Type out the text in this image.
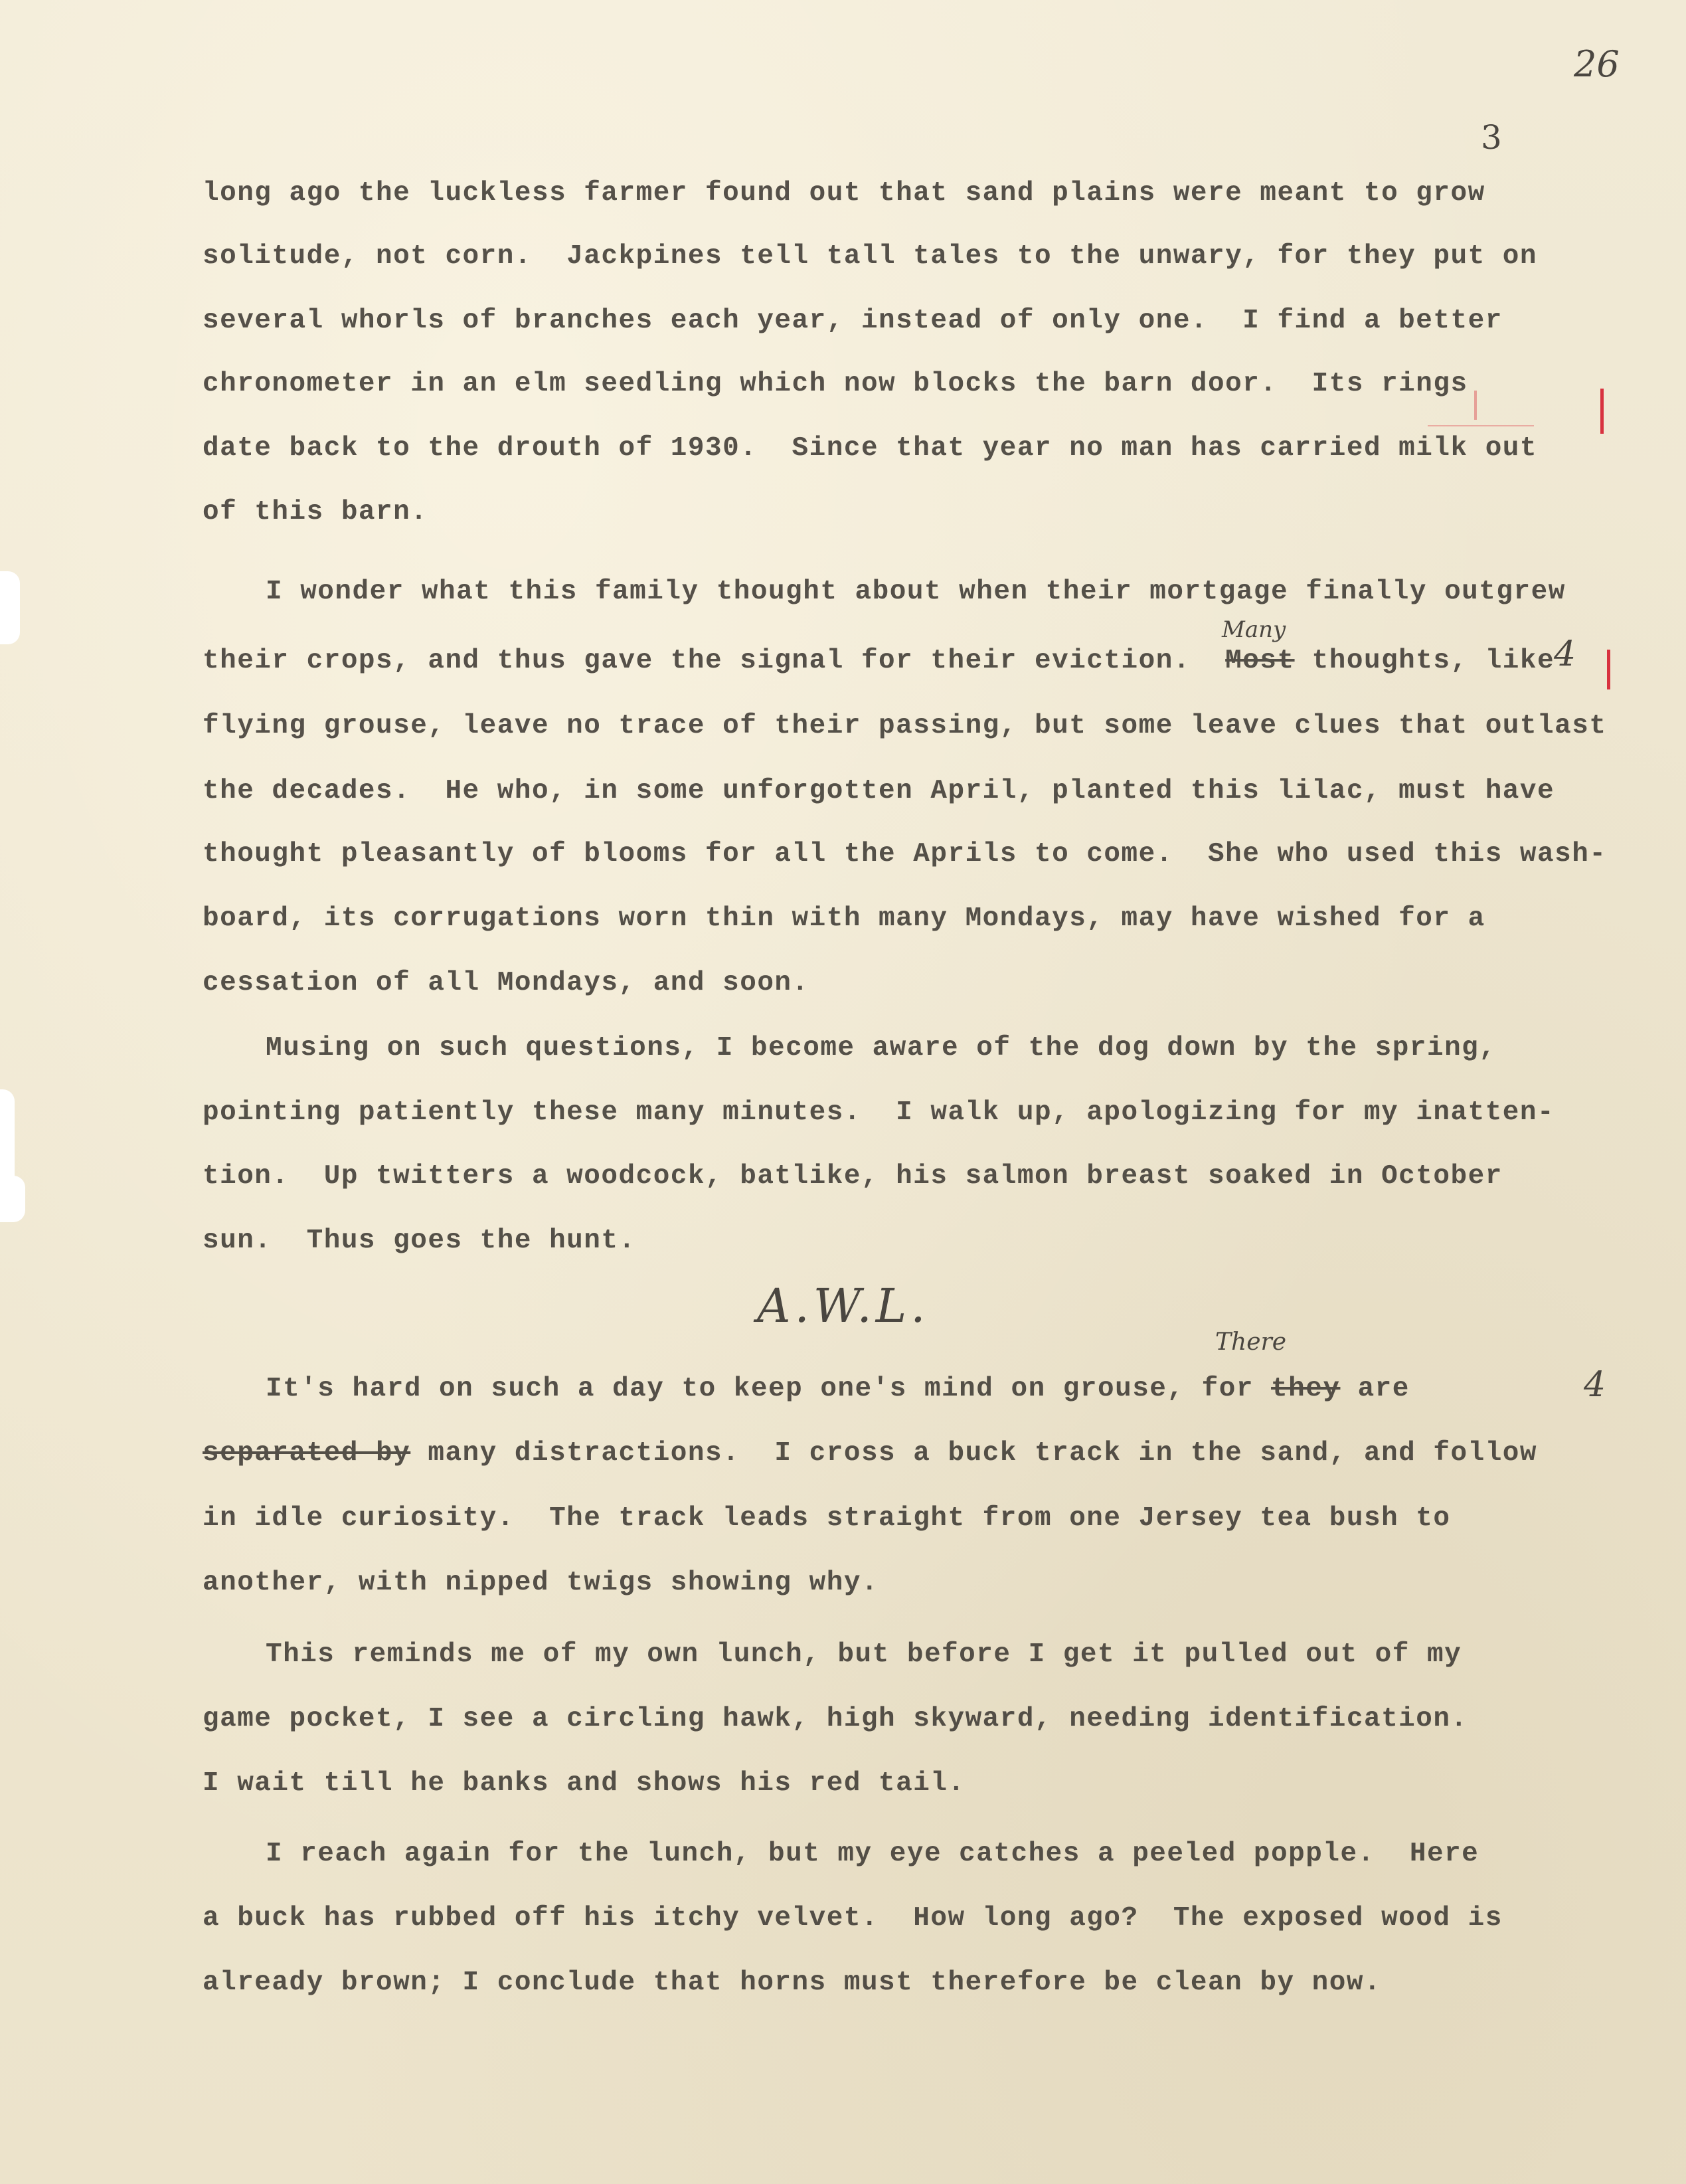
26
3
long ago the luckless farmer found out that sand plains were meant to grow
solitude, not corn.  Jackpines tell tall tales to the unwary, for they put on
several whorls of branches each year, instead of only one.  I find a better
chronometer in an elm seedling which now blocks the barn door.  Its rings
date back to the drouth of 1930.  Since that year no man has carried milk out
of this barn.
I wonder what this family thought about when their mortgage finally outgrew
their crops, and thus gave the signal for their eviction.  Most thoughts, like
Many
4
flying grouse, leave no trace of their passing, but some leave clues that outlast
the decades.  He who, in some unforgotten April, planted this lilac, must have
thought pleasantly of blooms for all the Aprils to come.  She who used this wash-
board, its corrugations worn thin with many Mondays, may have wished for a
cessation of all Mondays, and soon.
Musing on such questions, I become aware of the dog down by the spring,
pointing patiently these many minutes.  I walk up, apologizing for my inatten-
tion.  Up twitters a woodcock, batlike, his salmon breast soaked in October
sun.  Thus goes the hunt.
A.W.L.
There
4
It's hard on such a day to keep one's mind on grouse, for they are
separated by many distractions.  I cross a buck track in the sand, and follow
in idle curiosity.  The track leads straight from one Jersey tea bush to
another, with nipped twigs showing why.
This reminds me of my own lunch, but before I get it pulled out of my
game pocket, I see a circling hawk, high skyward, needing identification.
I wait till he banks and shows his red tail.
I reach again for the lunch, but my eye catches a peeled popple.  Here
a buck has rubbed off his itchy velvet.  How long ago?  The exposed wood is
already brown; I conclude that horns must therefore be clean by now.
